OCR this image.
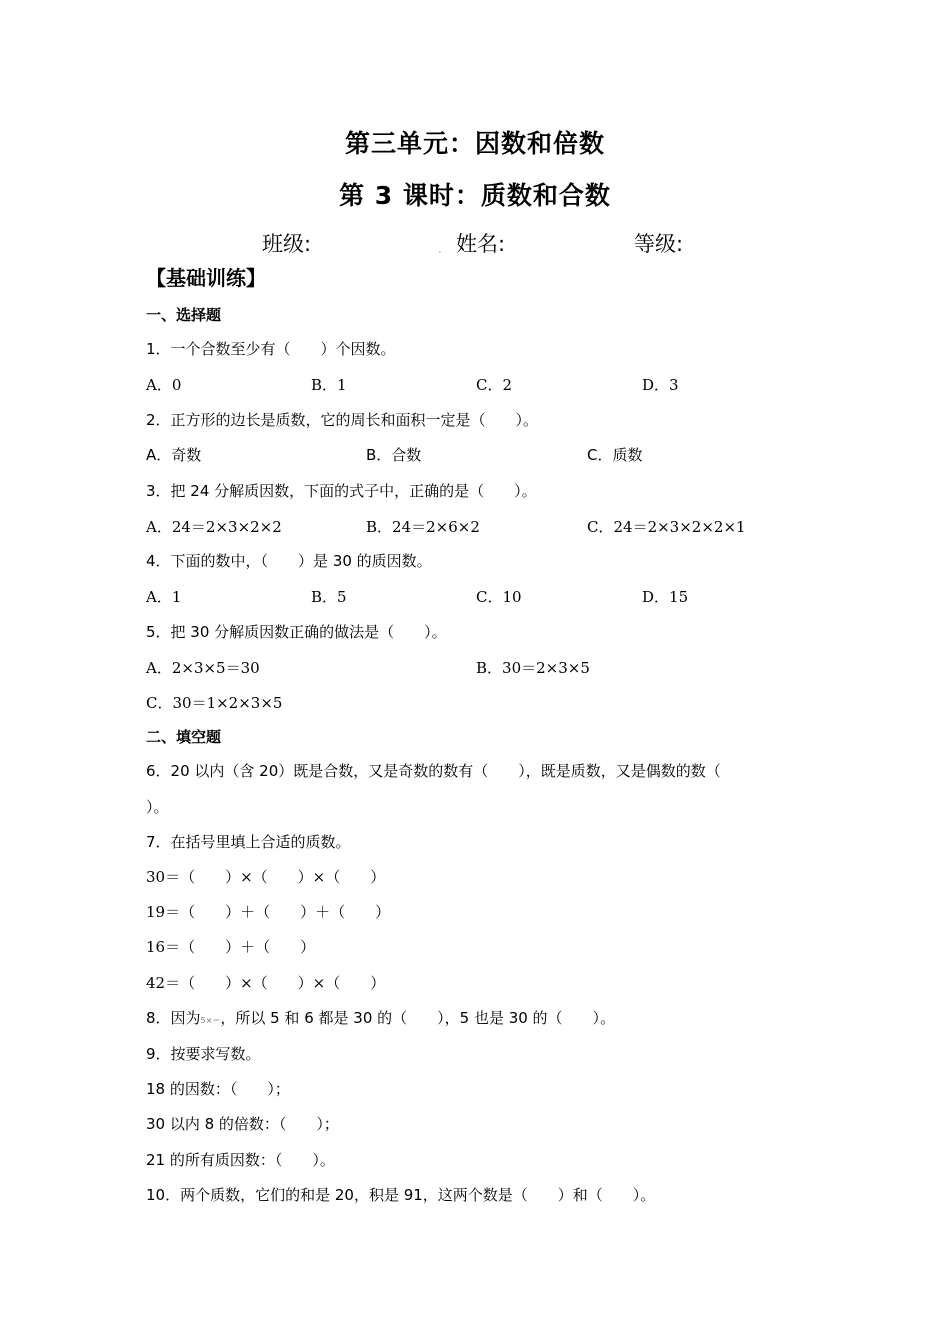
第三单元：因数和倍数
第 3 课时：质数和合数
班级:	. 姓名:	等级:
【基础训练】
一、选择题
1．一个合数至少有（　　）个因数。
A．0	B．1	C．2	D．3
2．正方形的边长是质数，它的周长和面积一定是（　　）。
A．奇数	B．合数	C．质数
3．把 24 分解质因数，下面的式子中，正确的是（　　）。
A．24＝2×3×2×2	B．24＝2×6×2	C．24＝2×3×2×2×1
4．下面的数中，（　　）是 30 的质因数。
A．1	B．5	C．10	D．15
5．把 30 分解质因数正确的做法是（　　）。
A．2×3×5＝30	B．30＝2×3×5
C．30＝1×2×3×5
二、填空题
6．20 以内（含 20）既是合数，又是奇数的数有（　　），既是质数，又是偶数的数（
）。
7．在括号里填上合适的质数。
30＝（　　）×（　　）×（　　）
19＝（　　）＋（　　）＋（　　）
16＝（　　）＋（　　）
42＝（　　）×（　　）×（　　）
8．因为5×＝，所以 5 和 6 都是 30 的（　　），5 也是 30 的（　　）。
9．按要求写数。
18 的因数：（　　）；
30 以内 8 的倍数：（　　）；
21 的所有质因数：（　　）。
10．两个质数，它们的和是 20，积是 91，这两个数是（　　）和（　　）。
